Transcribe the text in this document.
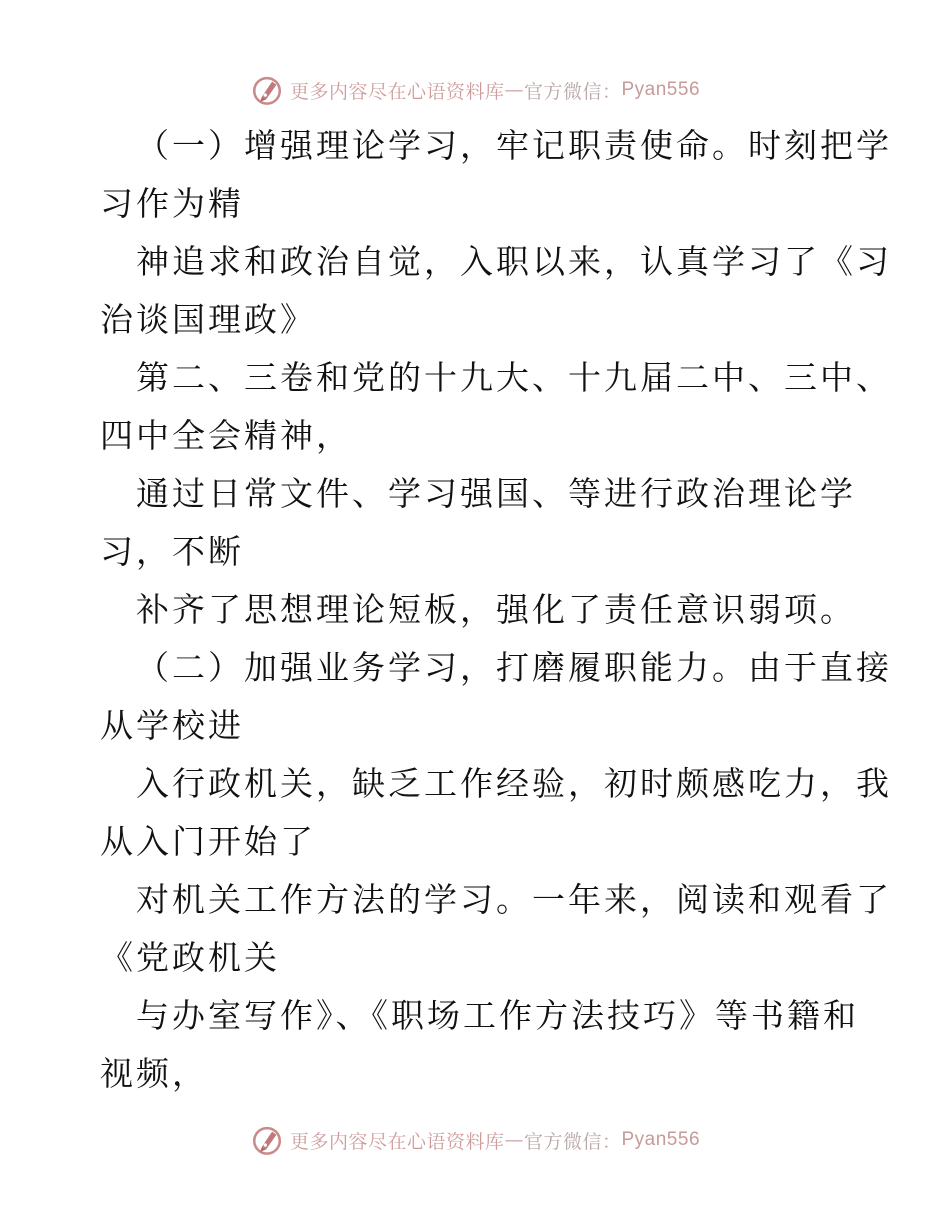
更多内容尽在心语资料库 — 官方微信： Pyan556
（一）增强理论学习，牢记职责使命。时刻把学
习作为精
神追求和政治自觉，入职以来，认真学习了《习
治谈国理政》
第二、三卷和党的十九大、十九届二中、三中、
四中全会精神，
通过日常文件、学习强国、等进行政治理论学
习，不断
补齐了思想理论短板，强化了责任意识弱项。
（二）加强业务学习，打磨履职能力。由于直接
从学校进
入行政机关，缺乏工作经验，初时颇感吃力，我
从入门开始了
对机关工作方法的学习。一年来，阅读和观看了
《党政机关
与办室写作》、《职场工作方法技巧》等书籍和
视频，
更多内容尽在心语资料库 — 官方微信： Pyan556
